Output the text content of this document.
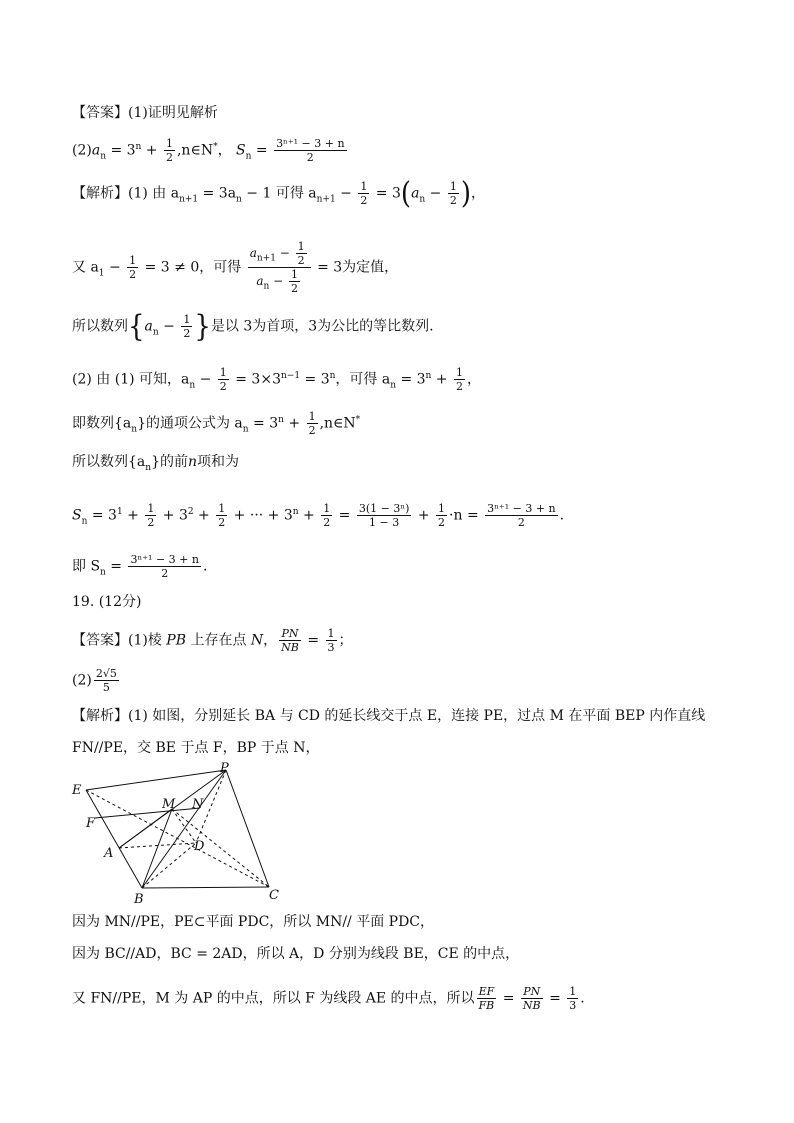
【答案】(1)证明见解析
$(2)a_n = 3^n + \frac{1}{2}$ ,n∈N*， $S_n = \frac{\text{3ⁿ⁺¹ − 3 + n}}{2}$
【解析】(1) 由 $a_{n+1} = 3a_n - 1$ 可得 $a_{n+1} - \frac{1}{2} = 3(a_n - \frac{1}{2}$ )，
又 $a_1 - \frac{1}{2} = 3 \ne 0$，可得 $\frac{a_{n+1} - \frac{1}{2}}{a_n - \frac{1}{2}} = 3$为定值，
所以数列{$a_n - \frac{1}{2}$ }是以 3为首项，3为公比的等比数列.
(2) 由 (1) 可知，$a_n - \frac{1}{2} = 3\times 3^{n-1} = 3^n$，可得 $a_n = 3^n + \frac{1}{2}$ ，
即数列$\{a_n\}$的通项公式为 $a_n = 3^n + \frac{1}{2}$ ,n∈N*
所以数列$\{a_n\}$的前n项和为
$S_n = 3^1 + \frac{1}{2} + 3^2 + \frac{1}{2}$ + ··· + $3^n + \frac{1}{2} = \frac{\text{3(1 − 3ⁿ)}}{1 - 3} + \frac{1}{2} \cdot n = \frac{\text{3ⁿ⁺¹ − 3 + n}}{2}$ .
即 $S_n = \frac{\text{3ⁿ⁺¹ − 3 + n}}{2}$ .
19. (12分)
【答案】(1)棱 PB 上存在点 N， $\frac{PN}{NB} = \frac{1}{3}$ ；
$(2) \frac{2√5}{5}$
【解析】(1) 如图，分别延长 BA 与 CD 的延长线交于点 E，连接 PE，过点 M 在平面 BEP 内作直线
FN//PE，交 BE 于点 F，BP 于点 N，
P
E
M N
F
A	D
B	C
因为 MN//PE，PE⊂平面 PDC，所以 MN// 平面 PDC，
因为 BC//AD，BC = 2AD，所以 A，D 分别为线段 BE，CE 的中点，
又 FN//PE，M 为 AP 的中点，所以 F 为线段 AE 的中点，所以 $\frac{EF}{FB} = \frac{PN}{NB} = \frac{1}{3}$ .
